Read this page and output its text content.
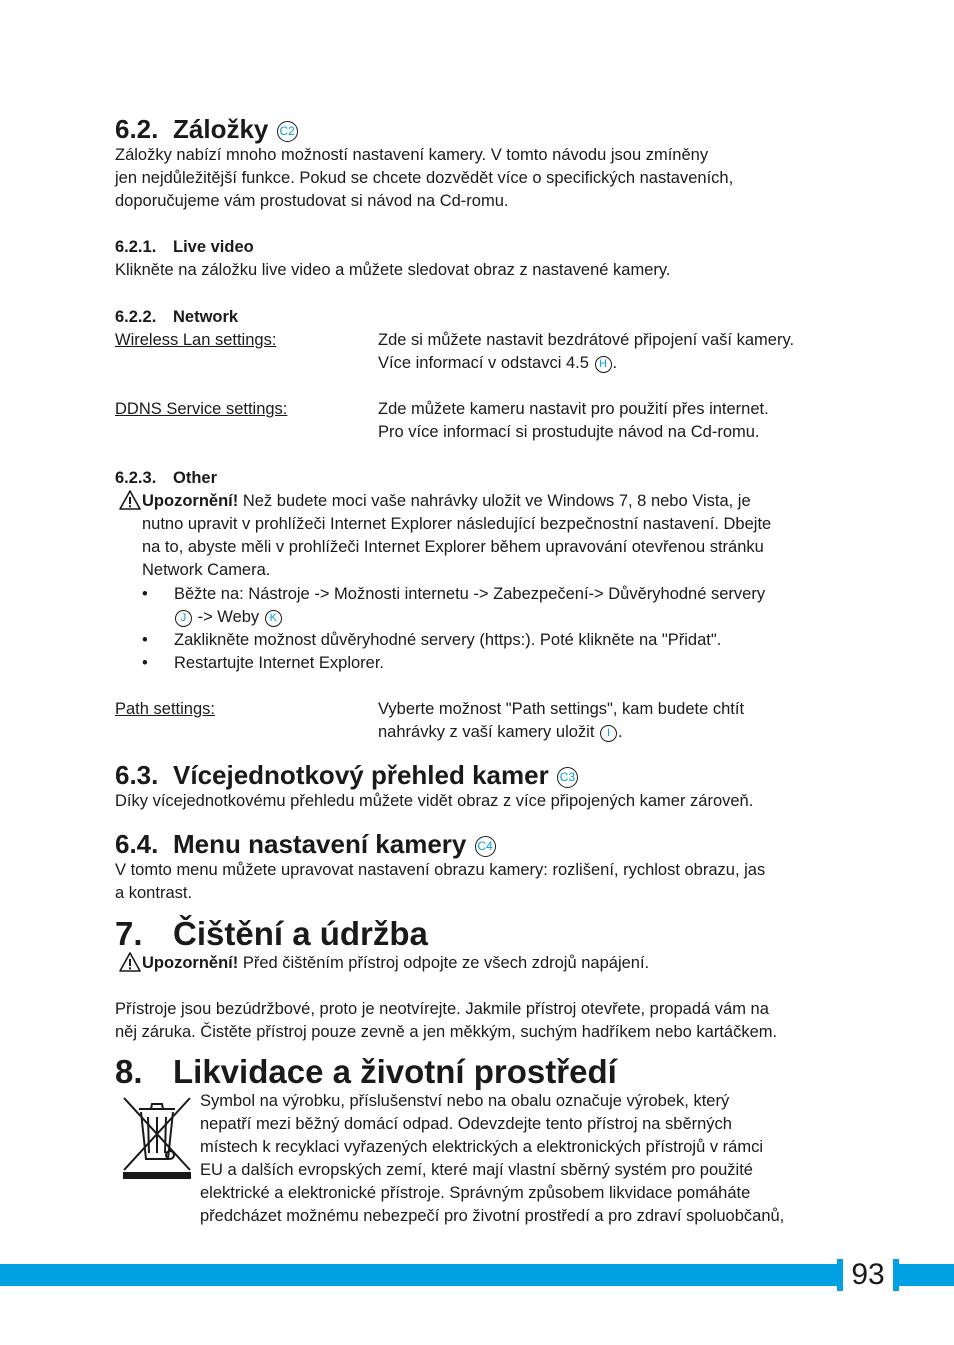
6.2. Záložky C2
Záložky nabízí mnoho možností nastavení kamery. V tomto návodu jsou zmíněny
jen nejdůležitější funkce. Pokud se chcete dozvědět více o specifických nastaveních,
doporučujeme vám prostudovat si návod na Cd-romu.
6.2.1. Live video
Klikněte na záložku live video a můžete sledovat obraz z nastavené kamery.
6.2.2. Network
Wireless Lan settings:	Zde si můžete nastavit bezdrátové připojení vaší kamery.
Více informací v odstavci 4.5 H .
DDNS Service settings:	Zde můžete kameru nastavit pro použití přes internet.
Pro více informací si prostudujte návod na Cd-romu.
6.2.3. Other
Upozornění! Než budete moci vaše nahrávky uložit ve Windows 7, 8 nebo Vista, je
nutno upravit v prohlížeči Internet Explorer následující bezpečnostní nastavení. Dbejte
na to, abyste měli v prohlížeči Internet Explorer během upravování otevřenou stránku
Network Camera.
• Běžte na: Nástroje -> Možnosti internetu -> Zabezpečení-> Důvěryhodné servery
J -> Weby K
• Zaklikněte možnost důvěryhodné servery (https:). Poté klikněte na "Přidat".
• Restartujte Internet Explorer.
Path settings:	Vyberte možnost "Path settings", kam budete chtít
nahrávky z vaší kamery uložit I .
6.3. Vícejednotkový přehled kamer C3
Díky vícejednotkovému přehledu můžete vidět obraz z více připojených kamer zároveň.
6.4. Menu nastavení kamery C4
V tomto menu můžete upravovat nastavení obrazu kamery: rozlišení, rychlost obrazu, jas
a kontrast.
7. Čištění a údržba
Upozornění! Před čištěním přístroj odpojte ze všech zdrojů napájení.
Přístroje jsou bezúdržbové, proto je neotvírejte. Jakmile přístroj otevřete, propadá vám na
něj záruka. Čistěte přístroj pouze zevně a jen měkkým, suchým hadříkem nebo kartáčkem.
8. Likvidace a životní prostředí
Symbol na výrobku, příslušenství nebo na obalu označuje výrobek, který
nepatří mezi běžný domácí odpad. Odevzdejte tento přístroj na sběrných
místech k recyklaci vyřazených elektrických a elektronických přístrojů v rámci
EU a dalších evropských zemí, které mají vlastní sběrný systém pro použité
elektrické a elektronické přístroje. Správným způsobem likvidace pomáháte
předcházet možnému nebezpečí pro životní prostředí a pro zdraví spoluobčanů,
93
